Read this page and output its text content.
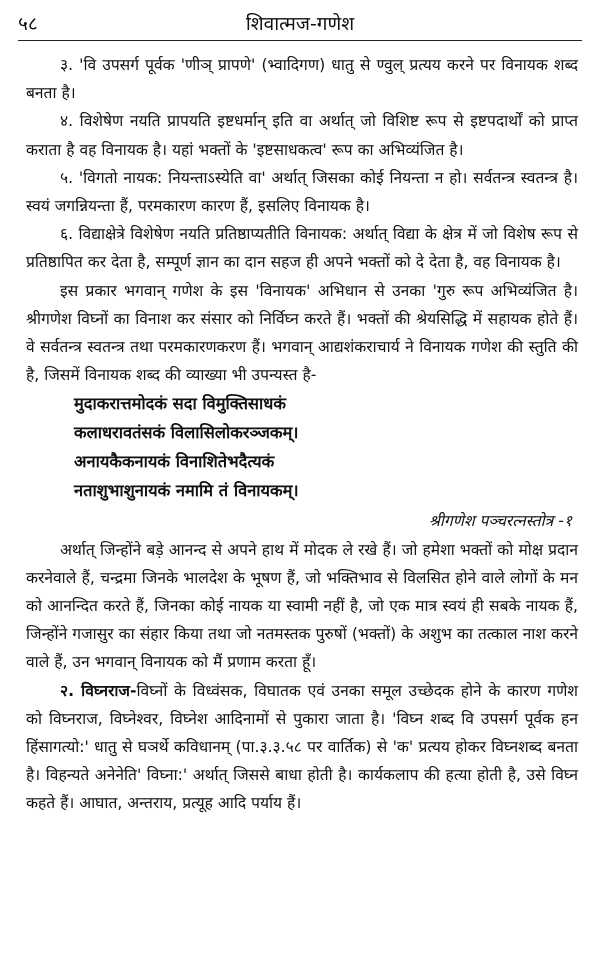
५८	शिवात्मज-गणेश

३. 'वि उपसर्ग पूर्वक 'णीञ् प्रापणे' (भ्वादिगण) धातु से ण्वुल् प्रत्यय करने पर विनायक शब्द बनता है।

४. विशेषेण नयति प्रापयति इष्टधर्मान् इति वा अर्थात् जो विशिष्ट रूप से इष्टपदार्थों को प्राप्त कराता है वह विनायक है। यहां भक्तों के 'इष्टसाधकत्व' रूप का अभिव्यंजित है।

५. 'विगतो नायक: नियन्ताऽस्येति वा' अर्थात् जिसका कोई नियन्ता न हो। सर्वतन्त्र स्वतन्त्र है। स्वयं जगन्नियन्ता हैं, परमकारण कारण हैं, इसलिए विनायक है।

६. विद्याक्षेत्रे विशेषेण नयति प्रतिष्ठाप्यतीति विनायक: अर्थात् विद्या के क्षेत्र में जो विशेष रूप से प्रतिष्ठापित कर देता है, सम्पूर्ण ज्ञान का दान सहज ही अपने भक्तों को दे देता है, वह विनायक है।

इस प्रकार भगवान् गणेश के इस 'विनायक' अभिधान से उनका 'गुरु रूप अभिव्यंजित है। श्रीगणेश विघ्नों का विनाश कर संसार को निर्विघ्न करते हैं। भक्तों की श्रेयसिद्धि में सहायक होते हैं। वे सर्वतन्त्र स्वतन्त्र तथा परमकारणकरण हैं। भगवान् आद्यशंकराचार्य ने विनायक गणेश की स्तुति की है, जिसमें विनायक शब्द की व्याख्या भी उपन्यस्त है-

मुदाकरात्तमोदकं सदा विमुक्तिसाधकं
कलाधरावतंसकं विलासिलोकरञ्जकम्।
अनायकैकनायकं विनाशितेभदैत्यकं
नताशुभाशुनायकं नमामि तं विनायकम्।

श्रीगणेश पञ्चरत्नस्तोत्र -१

अर्थात् जिन्होंने बड़े आनन्द से अपने हाथ में मोदक ले रखे हैं। जो हमेशा भक्तों को मोक्ष प्रदान करनेवाले हैं, चन्द्रमा जिनके भालदेश के भूषण हैं, जो भक्तिभाव से विलसित होने वाले लोगों के मन को आनन्दित करते हैं, जिनका कोई नायक या स्वामी नहीं है, जो एक मात्र स्वयं ही सबके नायक हैं, जिन्होंने गजासुर का संहार किया तथा जो नतमस्तक पुरुषों (भक्तों) के अशुभ का तत्काल नाश करने वाले हैं, उन भगवान् विनायक को मैं प्रणाम करता हूँ।

२. विघ्नराज-विघ्नों के विध्वंसक, विघातक एवं उनका समूल उच्छेदक होने के कारण गणेश को विघ्नराज, विघ्नेश्वर, विघ्नेश आदिनामों से पुकारा जाता है। 'विघ्न शब्द वि उपसर्ग पूर्वक हन हिंसागत्यो:' धातु से घञर्थे कविधानम् (पा.३.३.५८ पर वार्तिक) से 'क' प्रत्यय होकर विघ्नशब्द बनता है। विहन्यते अनेनेति' विघ्ना:' अर्थात् जिससे बाधा होती है। कार्यकलाप की हत्या होती है, उसे विघ्न कहते हैं। आघात, अन्तराय, प्रत्यूह आदि पर्याय हैं।
